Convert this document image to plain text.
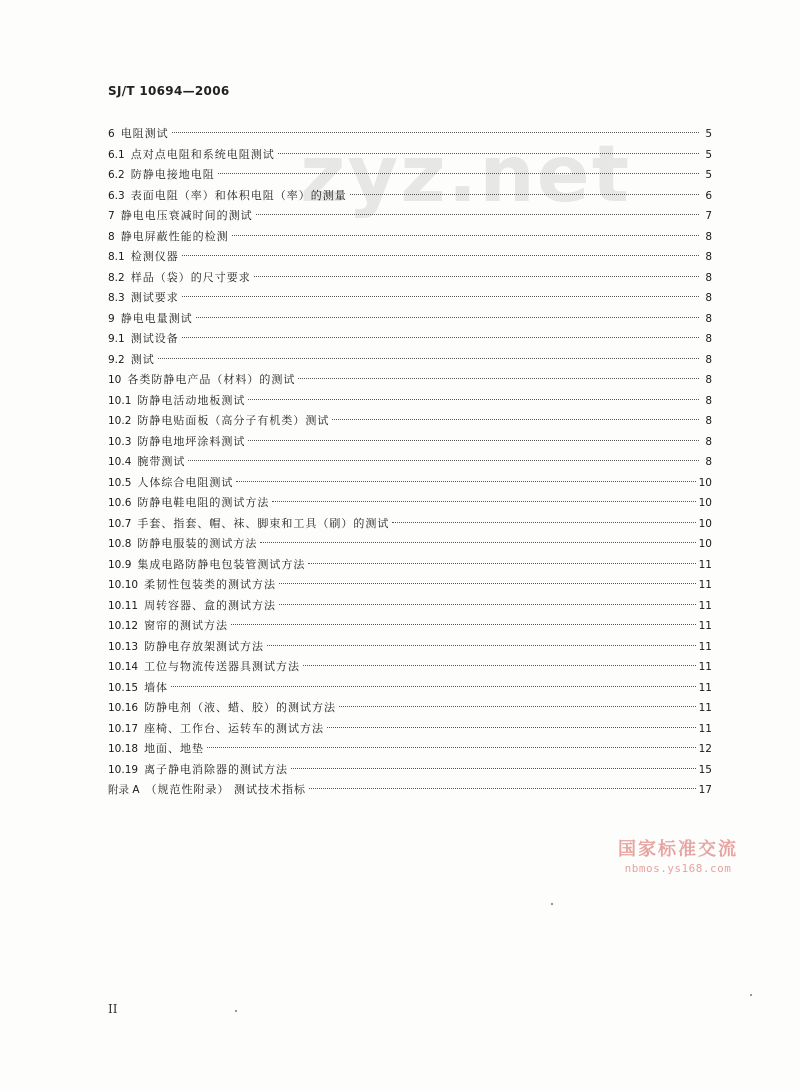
SJ/T 10694—2006
zyz.net
6 电阻测试	5
6.1 点对点电阻和系统电阻测试	5
6.2 防静电接地电阻	5
6.3 表面电阻（率）和体积电阻（率）的测量	6
7 静电电压衰减时间的测试	7
8 静电屏蔽性能的检测	8
8.1 检测仪器	8
8.2 样品（袋）的尺寸要求	8
8.3 测试要求	8
9 静电电量测试	8
9.1 测试设备	8
9.2 测试	8
10 各类防静电产品（材料）的测试	8
10.1 防静电活动地板测试	8
10.2 防静电贴面板（高分子有机类）测试	8
10.3 防静电地坪涂料测试	8
10.4 腕带测试	8
10.5 人体综合电阻测试	10
10.6 防静电鞋电阻的测试方法	10
10.7 手套、指套、帽、袜、脚束和工具（刷）的测试	10
10.8 防静电服装的测试方法	10
10.9 集成电路防静电包装管测试方法	11
10.10 柔韧性包装类的测试方法	11
10.11 周转容器、盒的测试方法	11
10.12 窗帘的测试方法	11
10.13 防静电存放架测试方法	11
10.14 工位与物流传送器具测试方法	11
10.15 墙体	11
10.16 防静电剂（液、蜡、胶）的测试方法	11
10.17 座椅、工作台、运转车的测试方法	11
10.18 地面、地垫	12
10.19 离子静电消除器的测试方法	15
附录 A （规范性附录） 测试技术指标	17
国家标准交流
nbmos.ys168.com
II
